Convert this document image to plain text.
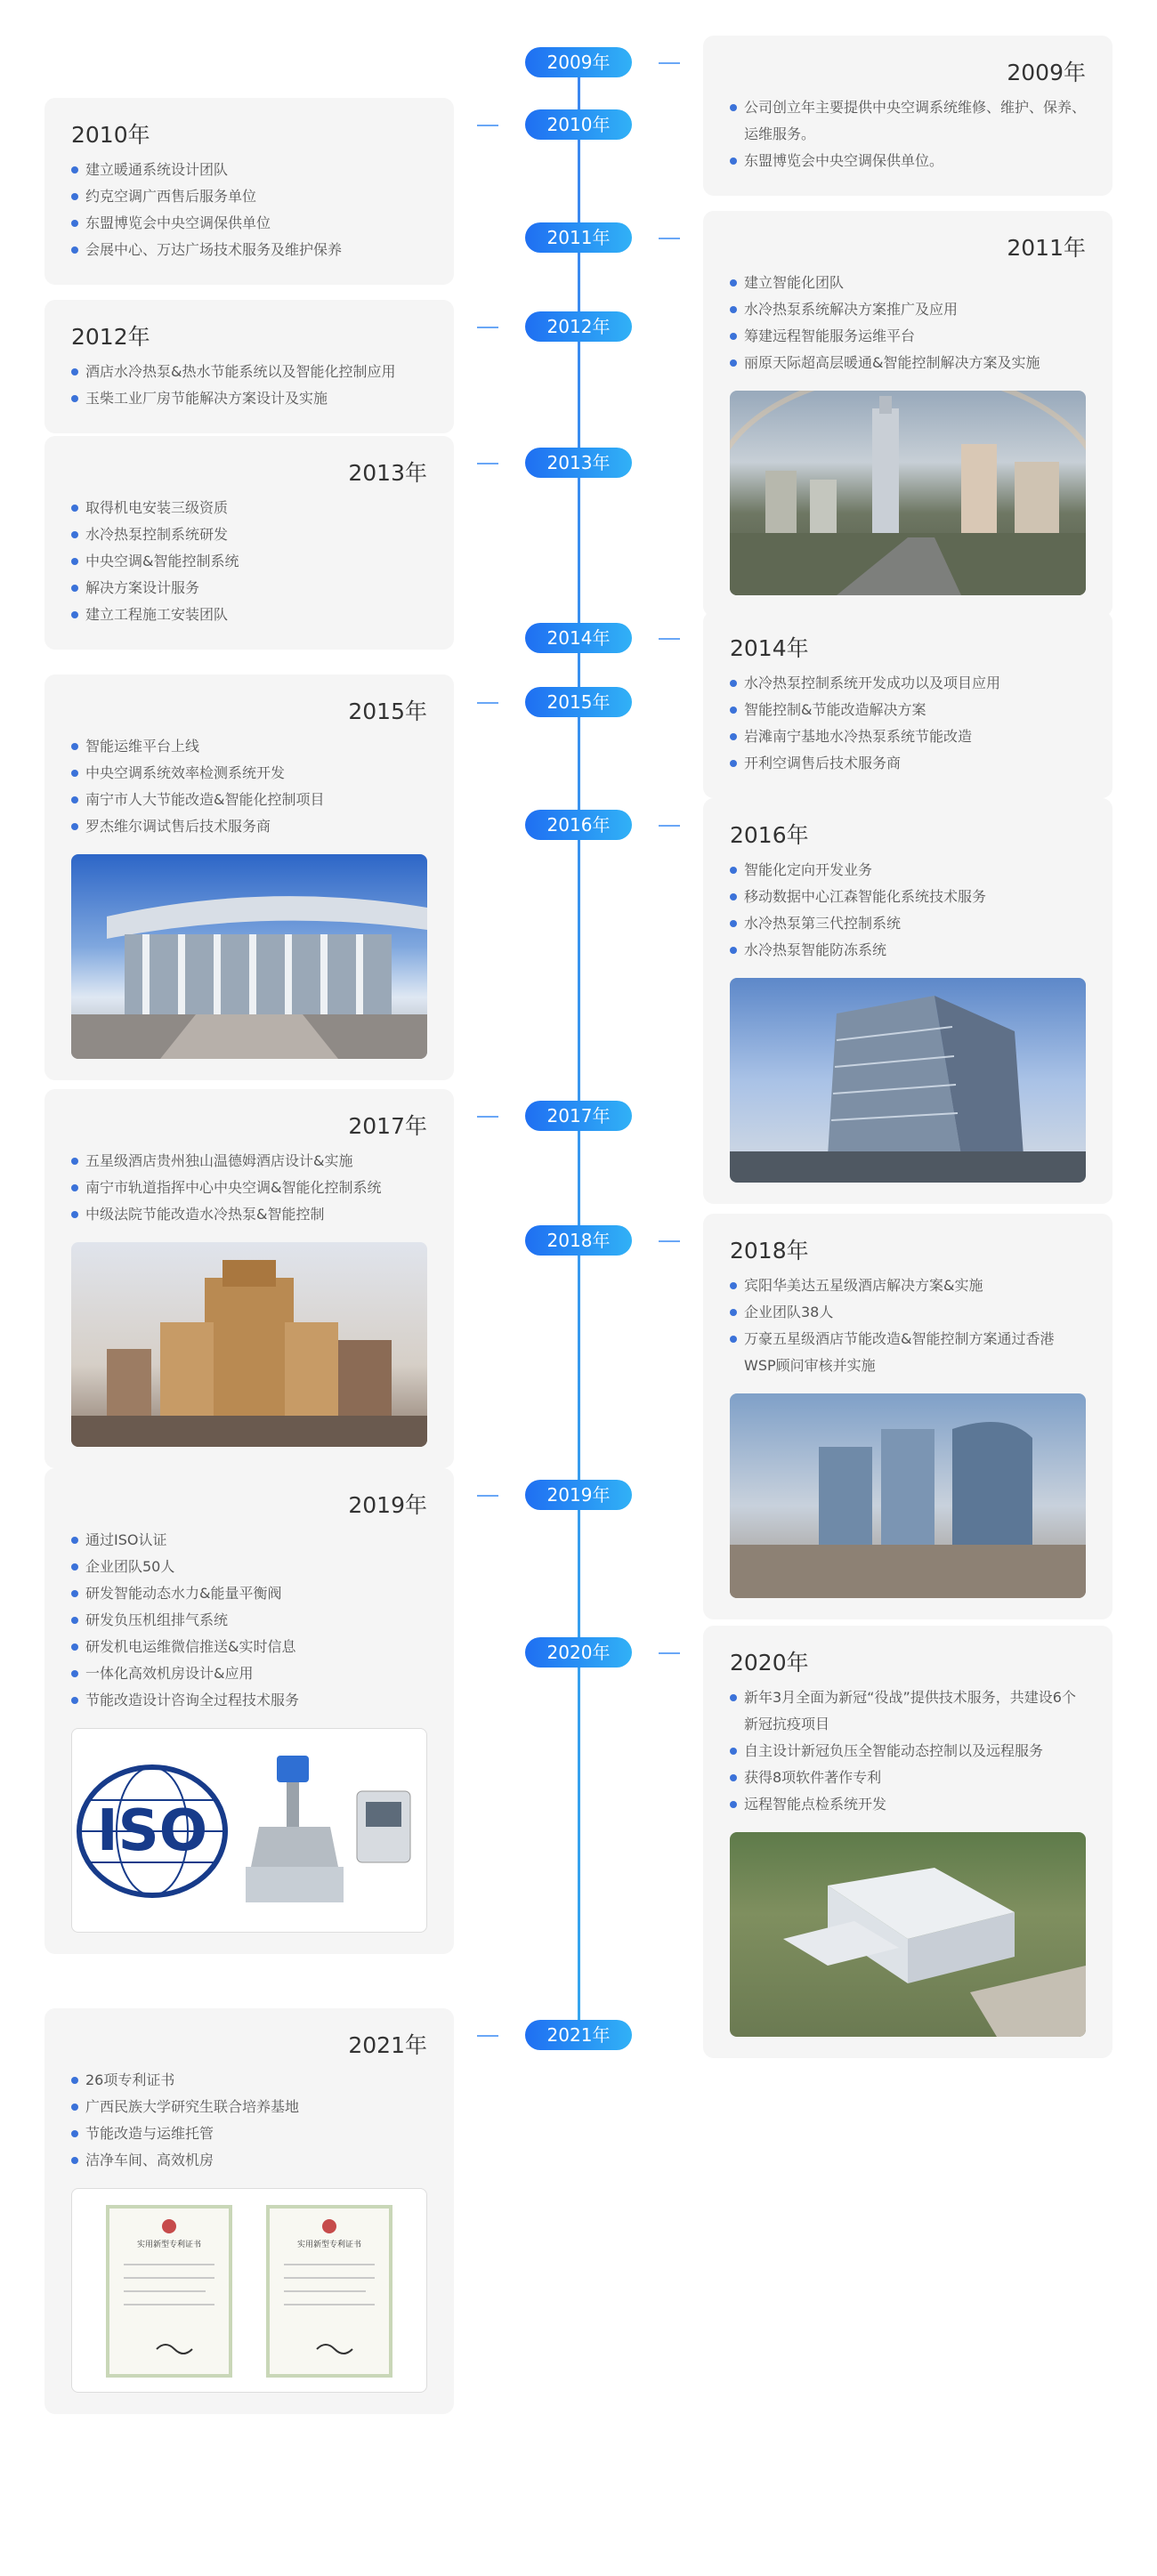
2009年	2009年
公司创立年主要提供中央空调系统维修、维护、保养、运维服务。
东盟博览会中央空调保供单位。
2010年
2010年
建立暖通系统设计团队
约克空调广西售后服务单位
东盟博览会中央空调保供单位
会展中心、万达广场技术服务及维护保养
2011年	2011年
建立智能化团队
水冷热泵系统解决方案推广及应用
筹建远程智能服务运维平台
丽原天际超高层暖通&智能控制解决方案及实施
2012年
2012年
酒店水冷热泵&热水节能系统以及智能化控制应用
玉柴工业厂房节能解决方案设计及实施
2013年
2013年
取得机电安装三级资质
水冷热泵控制系统研发
中央空调&智能控制系统
解决方案设计服务
建立工程施工安装团队
2014年	2014年
水冷热泵控制系统开发成功以及项目应用
智能控制&节能改造解决方案
岩滩南宁基地水冷热泵系统节能改造
开利空调售后技术服务商
2015年
2015年
智能运维平台上线
中央空调系统效率检测系统开发
南宁市人大节能改造&智能化控制项目
罗杰维尔调试售后技术服务商	2016年	2016年
智能化定向开发业务
移动数据中心江森智能化系统技术服务
水冷热泵第三代控制系统
水冷热泵智能防冻系统
2017年
2017年
五星级酒店贵州独山温德姆酒店设计&实施
南宁市轨道指挥中心中央空调&智能化控制系统
中级法院节能改造水冷热泵&智能控制
2018年	2018年
宾阳华美达五星级酒店解决方案&实施
企业团队38人
万豪五星级酒店节能改造&智能控制方案通过香港WSP顾问审核并实施
2019年
2019年
通过ISO认证
企业团队50人
研发智能动态水力&能量平衡阀
研发负压机组排气系统
研发机电运维微信推送&实时信息
一体化高效机房设计&应用
节能改造设计咨询全过程技术服务
ISO
2020年	2020年
新年3月全面为新冠“役战”提供技术服务，共建设6个新冠抗疫项目
自主设计新冠负压全智能动态控制以及远程服务
获得8项软件著作专利
远程智能点检系统开发
2021年
2021年
26项专利证书
广西民族大学研究生联合培养基地
节能改造与运维托管
洁净车间、高效机房
实用新型专利证书	实用新型专利证书
